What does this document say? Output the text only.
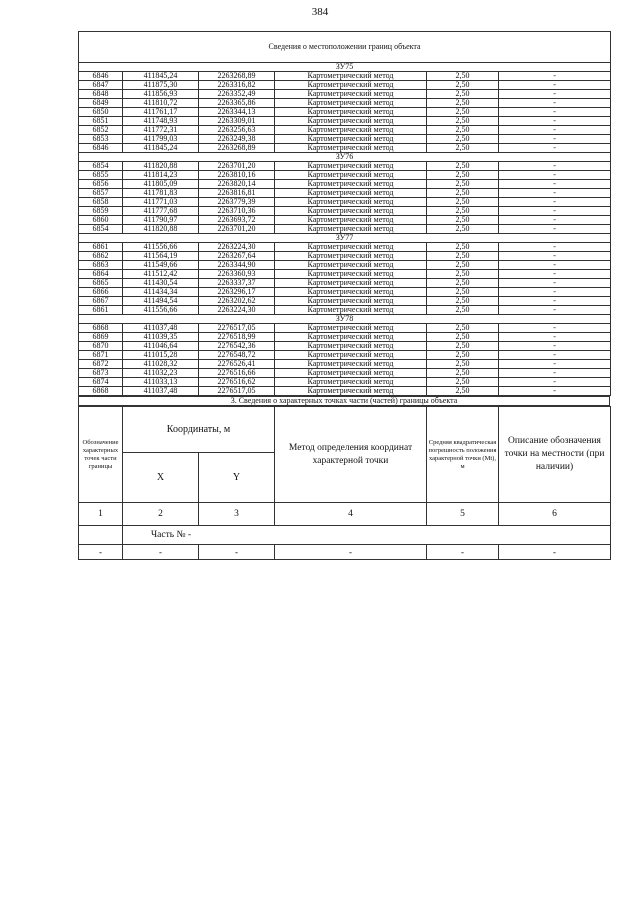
384
Сведения о местоположении границ объекта					
ЗУ75					
6846	411845,24	2263268,89	Картометрический метод	2,50	-
6847	411875,30	2263316,82	Картометрический метод	2,50	-
6848	411856,93	2263352,49	Картометрический метод	2,50	-
6849	411810,72	2263365,86	Картометрический метод	2,50	-
6850	411761,17	2263344,13	Картометрический метод	2,50	-
6851	411748,93	2263309,01	Картометрический метод	2,50	-
6852	411772,31	2263256,63	Картометрический метод	2,50	-
6853	411799,03	2263249,38	Картометрический метод	2,50	-
6846	411845,24	2263268,89	Картометрический метод	2,50	-
ЗУ76					
6854	411820,88	2263701,20	Картометрический метод	2,50	-
6855	411814,23	2263810,16	Картометрический метод	2,50	-
6856	411805,09	2263820,14	Картометрический метод	2,50	-
6857	411781,83	2263816,81	Картометрический метод	2,50	-
6858	411771,03	2263779,39	Картометрический метод	2,50	-
6859	411777,68	2263710,36	Картометрический метод	2,50	-
6860	411790,97	2263693,72	Картометрический метод	2,50	-
6854	411820,88	2263701,20	Картометрический метод	2,50	-
ЗУ77					
6861	411556,66	2263224,30	Картометрический метод	2,50	-
6862	411564,19	2263267,64	Картометрический метод	2,50	-
6863	411549,66	2263344,90	Картометрический метод	2,50	-
6864	411512,42	2263360,93	Картометрический метод	2,50	-
6865	411430,54	2263337,37	Картометрический метод	2,50	-
6866	411434,34	2263296,17	Картометрический метод	2,50	-
6867	411494,54	2263202,62	Картометрический метод	2,50	-
6861	411556,66	2263224,30	Картометрический метод	2,50	-
ЗУ78					
6868	411037,48	2276517,05	Картометрический метод	2,50	-
6869	411039,35	2276518,99	Картометрический метод	2,50	-
6870	411046,64	2276542,36	Картометрический метод	2,50	-
6871	411015,28	2276548,72	Картометрический метод	2,50	-
6872	411028,32	2276526,41	Картометрический метод	2,50	-
6873	411032,23	2276516,66	Картометрический метод	2,50	-
6874	411033,13	2276516,62	Картометрический метод	2,50	-
6868	411037,48	2276517,05	Картометрический метод	2,50	-
3. Сведения о характерных точках части (частей) границы объекта
Обозначение характерных точек части границы	Координаты, м		Метод определения координат характерной точки	Средняя квадратическая погрешность положения характерной точки (Мt), м	Описание обозначения точки на местности (при наличии)
	X	Y			
1	2	3	4	5	6
	Часть № -				
-	-	-	-	-	-
